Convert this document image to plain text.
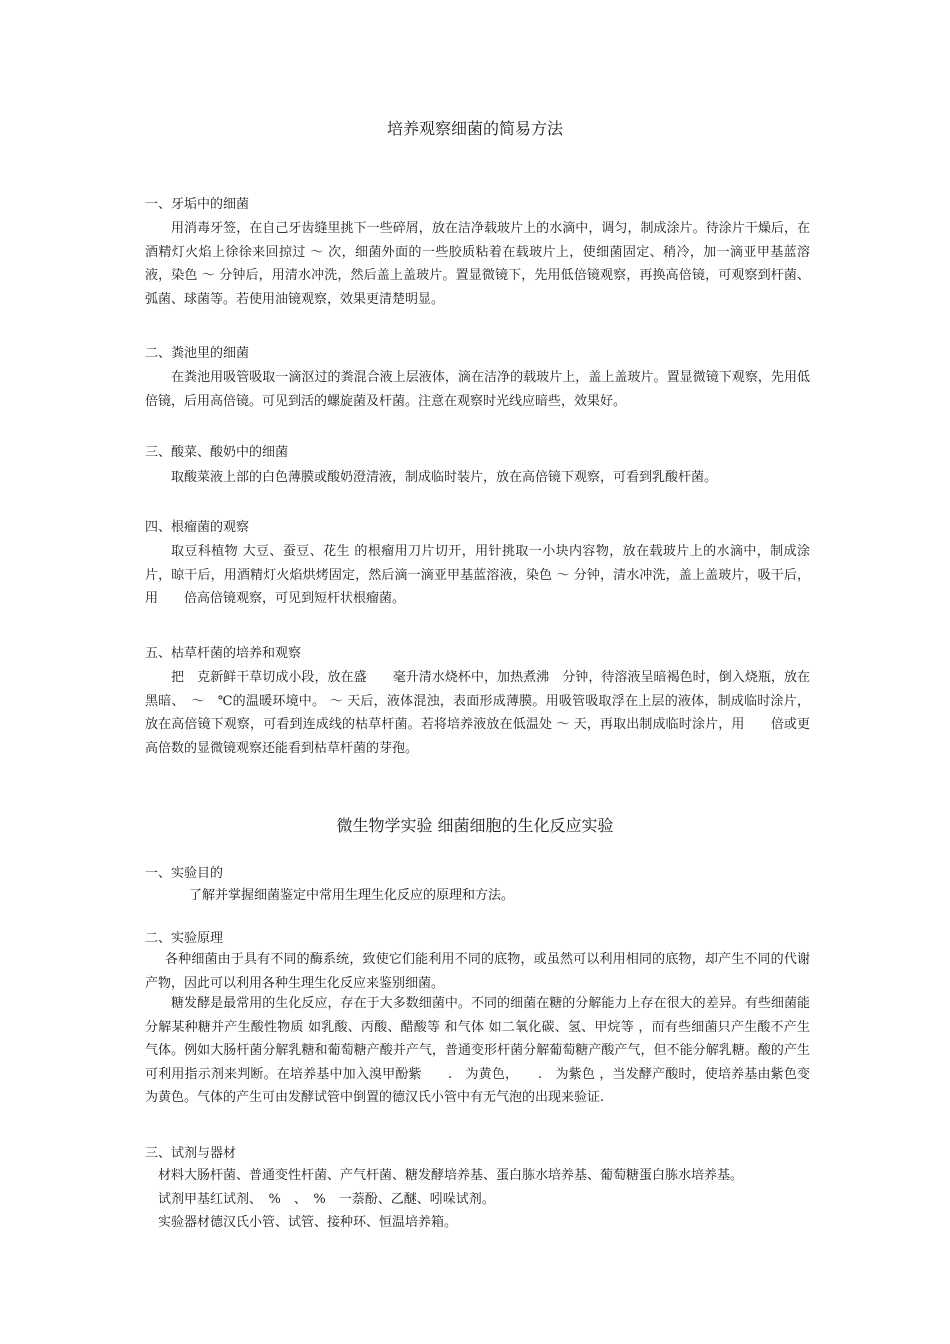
培养观察细菌的简易方法
一、牙垢中的细菌
用消毒牙签，在自己牙齿缝里挑下一些碎屑，放在洁净载玻片上的水滴中，调匀，制成涂片。待涂片干燥后，在酒精灯火焰上徐徐来回掠过 ～ 次，细菌外面的一些胶质粘着在载玻片上，使细菌固定、稍冷，加一滴亚甲基蓝溶液，染色 ～ 分钟后，用清水冲洗，然后盖上盖玻片。置显微镜下，先用低倍镜观察，再换高倍镜，可观察到杆菌、弧菌、球菌等。若使用油镜观察，效果更清楚明显。
二、粪池里的细菌
在粪池用吸管吸取一滴沤过的粪混合液上层液体，滴在洁净的载玻片上，盖上盖玻片。置显微镜下观察，先用低倍镜，后用高倍镜。可见到活的螺旋菌及杆菌。注意在观察时光线应暗些，效果好。
三、酸菜、酸奶中的细菌
取酸菜液上部的白色薄膜或酸奶澄清液，制成临时装片，放在高倍镜下观察，可看到乳酸杆菌。
四、根瘤菌的观察
取豆科植物 大豆、蚕豆、花生 的根瘤用刀片切开，用针挑取一小块内容物，放在载玻片上的水滴中，制成涂片，晾干后，用酒精灯火焰烘烤固定，然后滴一滴亚甲基蓝溶液，染色 ～ 分钟，清水冲洗，盖上盖玻片，吸干后，用　　倍高倍镜观察，可见到短杆状根瘤菌。
五、枯草杆菌的培养和观察
把　克新鲜干草切成小段，放在盛　　毫升清水烧杯中，加热煮沸　分钟，待溶液呈暗褐色时，倒入烧瓶，放在黑暗、　～　℃的温暖环境中。 ～ 天后，液体混浊，表面形成薄膜。用吸管吸取浮在上层的液体，制成临时涂片，放在高倍镜下观察，可看到连成线的枯草杆菌。若将培养液放在低温处 ～ 天，再取出制成临时涂片，用　　倍或更高倍数的显微镜观察还能看到枯草杆菌的芽孢。
微生物学实验 细菌细胞的生化反应实验
一、实验目的
了解并掌握细菌鉴定中常用生理生化反应的原理和方法。
二、实验原理
各种细菌由于具有不同的酶系统，致使它们能利用不同的底物，或虽然可以利用相同的底物，却产生不同的代谢产物，因此可以利用各种生理生化反应来鉴别细菌。
糖发酵是最常用的生化反应，存在于大多数细菌中。不同的细菌在糖的分解能力上存在很大的差异。有些细菌能分解某种糖并产生酸性物质 如乳酸、丙酸、醋酸等 和气体 如二氧化碳、氢、甲烷等 ，而有些细菌只产生酸不产生气体。例如大肠杆菌分解乳糖和葡萄糖产酸并产气，普通变形杆菌分解葡萄糖产酸产气，但不能分解乳糖。酸的产生可利用指示剂来判断。在培养基中加入溴甲酚紫　　.　为黄色，　　.　为紫色 ，当发酵产酸时，使培养基由紫色变为黄色。气体的产生可由发酵试管中倒置的德汉氏小管中有无气泡的出现来验证.
三、试剂与器材
材料大肠杆菌、普通变性杆菌、产气杆菌、糖发酵培养基、蛋白胨水培养基、葡萄糖蛋白胨水培养基。
试剂甲基红试剂、　%　、　%　一萘酚、乙醚、吲哚试剂。
实验器材德汉氏小管、试管、接种环、恒温培养箱。
